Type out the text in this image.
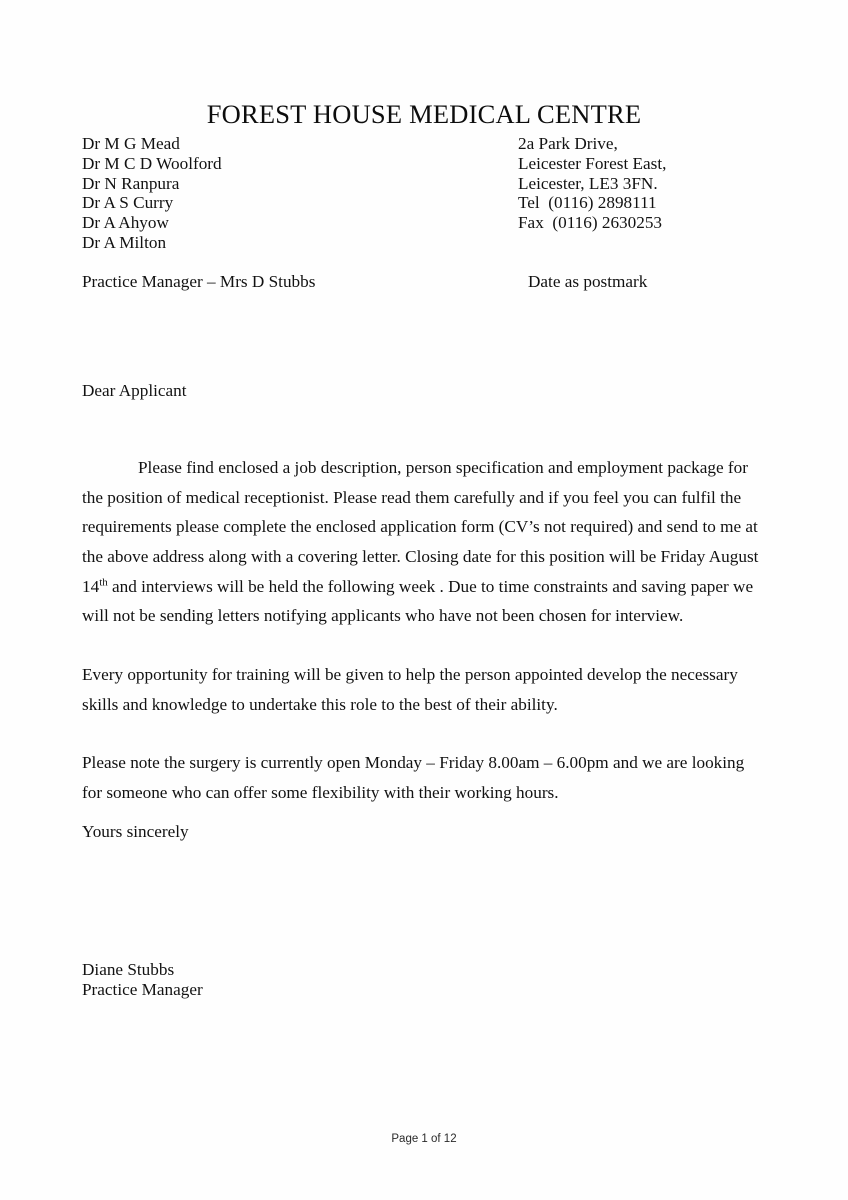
FOREST HOUSE MEDICAL CENTRE
Dr M G Mead
Dr M C D Woolford
Dr N Ranpura
Dr A S Curry
Dr A Ahyow
Dr A Milton
2a Park Drive,
Leicester Forest East,
Leicester, LE3 3FN.
Tel  (0116) 2898111
Fax  (0116) 2630253
Practice Manager – Mrs D Stubbs	Date as postmark
Dear Applicant

Please find enclosed a job description, person specification and employment package for the position of medical receptionist. Please read them carefully and if you feel you can fulfil the requirements please complete the enclosed application form (CV’s not required) and send to me at the above address along with a covering letter. Closing date for this position will be Friday August 14th and interviews will be held the following week . Due to time constraints and saving paper we will not be sending letters notifying applicants who have not been chosen for interview.

Every opportunity for training will be given to help the person appointed develop the necessary skills and knowledge to undertake this role to the best of their ability.

Please note the surgery is currently open Monday – Friday 8.00am – 6.00pm and we are looking for someone who can offer some flexibility with their working hours.

Yours sincerely
Diane Stubbs
Practice Manager
Page 1 of 12
